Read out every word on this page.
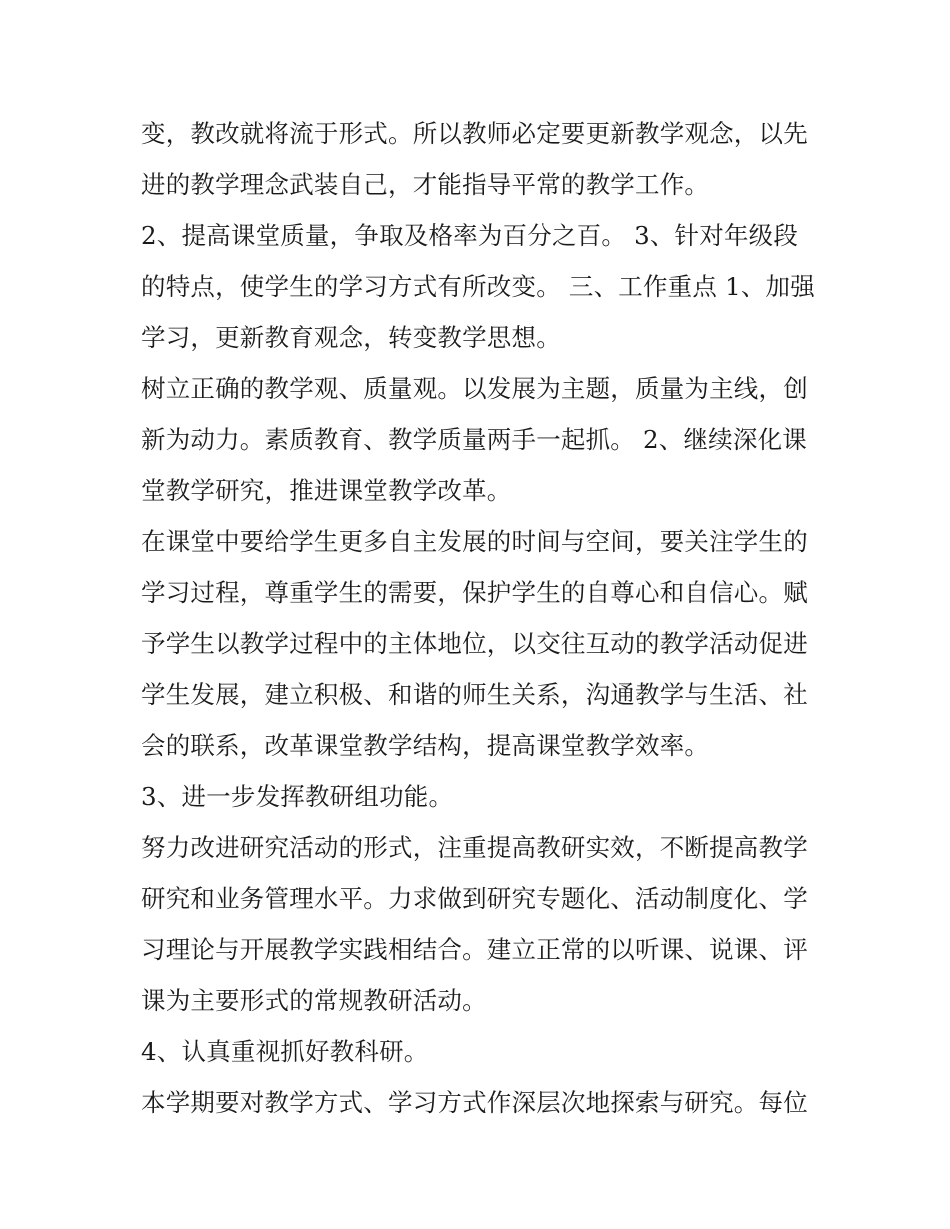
变，教改就将流于形式。所以教师必定要更新教学观念，以先
进的教学理念武装自己，才能指导平常的教学工作。
2、提高课堂质量，争取及格率为百分之百。 3、针对年级段
的特点，使学生的学习方式有所改变。 三、工作重点 1、加强
学习，更新教育观念，转变教学思想。
树立正确的教学观、质量观。以发展为主题，质量为主线，创
新为动力。素质教育、教学质量两手一起抓。 2、继续深化课
堂教学研究，推进课堂教学改革。
在课堂中要给学生更多自主发展的时间与空间，要关注学生的
学习过程，尊重学生的需要，保护学生的自尊心和自信心。赋
予学生以教学过程中的主体地位，以交往互动的教学活动促进
学生发展，建立积极、和谐的师生关系，沟通教学与生活、社
会的联系，改革课堂教学结构，提高课堂教学效率。
3、进一步发挥教研组功能。
努力改进研究活动的形式，注重提高教研实效，不断提高教学
研究和业务管理水平。力求做到研究专题化、活动制度化、学
习理论与开展教学实践相结合。建立正常的以听课、说课、评
课为主要形式的常规教研活动。
4、认真重视抓好教科研。
本学期要对教学方式、学习方式作深层次地探索与研究。每位
